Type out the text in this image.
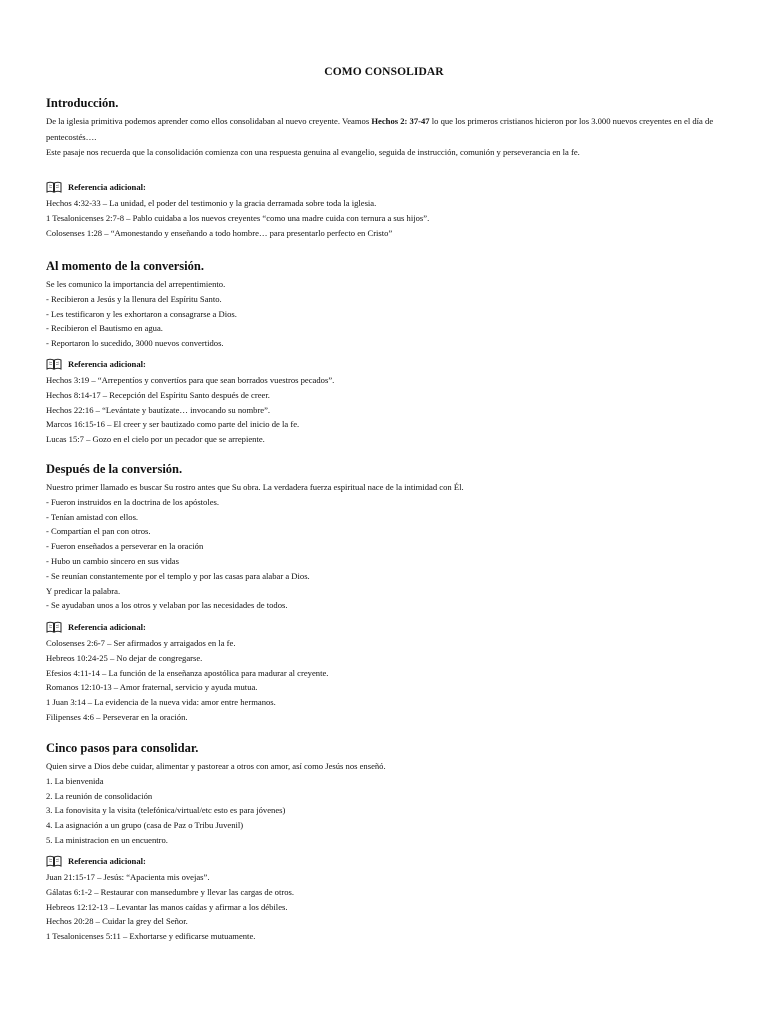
COMO CONSOLIDAR
Introducción.
De la iglesia primitiva podemos aprender como ellos consolidaban al nuevo creyente. Veamos Hechos 2: 37-47 lo que los primeros cristianos hicieron por los 3.000 nuevos creyentes en el día de pentecostés….
Este pasaje nos recuerda que la consolidación comienza con una respuesta genuina al evangelio, seguida de instrucción, comunión y perseverancia en la fe.
Referencia adicional:
Hechos 4:32-33 – La unidad, el poder del testimonio y la gracia derramada sobre toda la iglesia.
1 Tesalonicenses 2:7-8 – Pablo cuidaba a los nuevos creyentes “como una madre cuida con ternura a sus hijos”.
Colosenses 1:28 – “Amonestando y enseñando a todo hombre… para presentarlo perfecto en Cristo”
Al momento de la conversión.
Se les comunico la importancia del arrepentimiento.
- Recibieron a Jesús y la llenura del Espíritu Santo.
- Les testificaron y les exhortaron a consagrarse a Dios.
- Recibieron el Bautismo en agua.
- Reportaron lo sucedido, 3000 nuevos convertidos.
Referencia adicional:
Hechos 3:19 – “Arrepentíos y convertíos para que sean borrados vuestros pecados”.
Hechos 8:14-17 – Recepción del Espíritu Santo después de creer.
Hechos 22:16 – “Levántate y bautízate… invocando su nombre”.
Marcos 16:15-16 – El creer y ser bautizado como parte del inicio de la fe.
Lucas 15:7 – Gozo en el cielo por un pecador que se arrepiente.
Después de la conversión.
Nuestro primer llamado es buscar Su rostro antes que Su obra. La verdadera fuerza espiritual nace de la intimidad con Él.
- Fueron instruidos en la doctrina de los apóstoles.
- Tenían amistad con ellos.
- Compartían el pan con otros.
- Fueron enseñados a perseverar en la oración
- Hubo un cambio sincero en sus vidas
- Se reunían constantemente por el templo y por las casas para alabar a Dios.
Y predicar la palabra.
- Se ayudaban unos a los otros y velaban por las necesidades de todos.
Referencia adicional:
Colosenses 2:6-7 – Ser afirmados y arraigados en la fe.
Hebreos 10:24-25 – No dejar de congregarse.
Efesios 4:11-14 – La función de la enseñanza apostólica para madurar al creyente.
Romanos 12:10-13 – Amor fraternal, servicio y ayuda mutua.
1 Juan 3:14 – La evidencia de la nueva vida: amor entre hermanos.
Filipenses 4:6 – Perseverar en la oración.
Cinco pasos para consolidar.
Quien sirve a Dios debe cuidar, alimentar y pastorear a otros con amor, así como Jesús nos enseñó.
1. La bienvenida
2. La reunión de consolidación
3. La fonovisita y la visita (telefónica/virtual/etc esto es para jóvenes)
4. La asignación a un grupo (casa de Paz o Tribu Juvenil)
5. La ministracion en un encuentro.
Referencia adicional:
Juan 21:15-17 – Jesús: “Apacienta mis ovejas”.
Gálatas 6:1-2 – Restaurar con mansedumbre y llevar las cargas de otros.
Hebreos 12:12-13 – Levantar las manos caídas y afirmar a los débiles.
Hechos 20:28 – Cuidar la grey del Señor.
1 Tesalonicenses 5:11 – Exhortarse y edificarse mutuamente.
